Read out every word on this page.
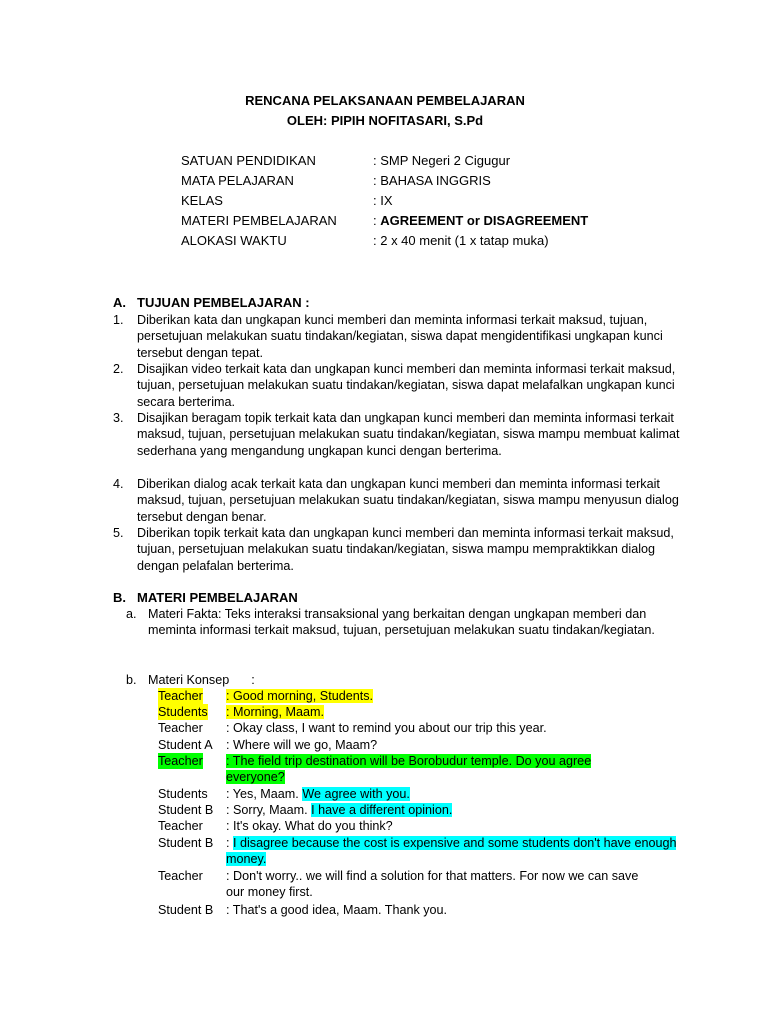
RENCANA PELAKSANAAN PEMBELAJARAN
OLEH: PIPIH NOFITASARI, S.Pd
SATUAN PENDIDIKAN	: SMP Negeri 2 Cigugur
MATA PELAJARAN	: BAHASA INGGRIS
KELAS	: IX
MATERI PEMBELAJARAN	: AGREEMENT or DISAGREEMENT
ALOKASI WAKTU	: 2 x 40 menit (1 x tatap muka)
A. TUJUAN PEMBELAJARAN :
1. Diberikan kata dan ungkapan kunci memberi dan meminta informasi terkait maksud, tujuan, persetujuan melakukan suatu tindakan/kegiatan, siswa dapat mengidentifikasi ungkapan kunci tersebut dengan tepat.
2. Disajikan video terkait kata dan ungkapan kunci memberi dan meminta informasi terkait maksud, tujuan, persetujuan melakukan suatu tindakan/kegiatan, siswa dapat melafalkan ungkapan kunci secara berterima.
3. Disajikan beragam topik terkait kata dan ungkapan kunci memberi dan meminta informasi terkait maksud, tujuan, persetujuan melakukan suatu tindakan/kegiatan, siswa mampu membuat kalimat sederhana yang mengandung ungkapan kunci dengan berterima.
4. Diberikan dialog acak terkait kata dan ungkapan kunci memberi dan meminta informasi terkait maksud, tujuan, persetujuan melakukan suatu tindakan/kegiatan, siswa mampu menyusun dialog tersebut dengan benar.
5. Diberikan topik terkait kata dan ungkapan kunci memberi dan meminta informasi terkait maksud, tujuan, persetujuan melakukan suatu tindakan/kegiatan, siswa mampu mempraktikkan dialog dengan pelafalan berterima.
B. MATERI PEMBELAJARAN
a. Materi Fakta: Teks interaksi transaksional yang berkaitan dengan ungkapan memberi dan meminta informasi terkait maksud, tujuan, persetujuan melakukan suatu tindakan/kegiatan.
b. Materi Konsep :
Teacher : Good morning, Students.
Students : Morning, Maam.
Teacher : Okay class, I want to remind you about our trip this year.
Student A : Where will we go, Maam?
Teacher : The field trip destination will be Borobudur temple. Do you agree everyone?
Students : Yes, Maam. We agree with you.
Student B : Sorry, Maam. I have a different opinion.
Teacher : It's okay. What do you think?
Student B : I disagree because the cost is expensive and some students don't have enough money.
Teacher : Don't worry.. we will find a solution for that matters. For now we can save our money first.
Student B : That's a good idea, Maam. Thank you.
